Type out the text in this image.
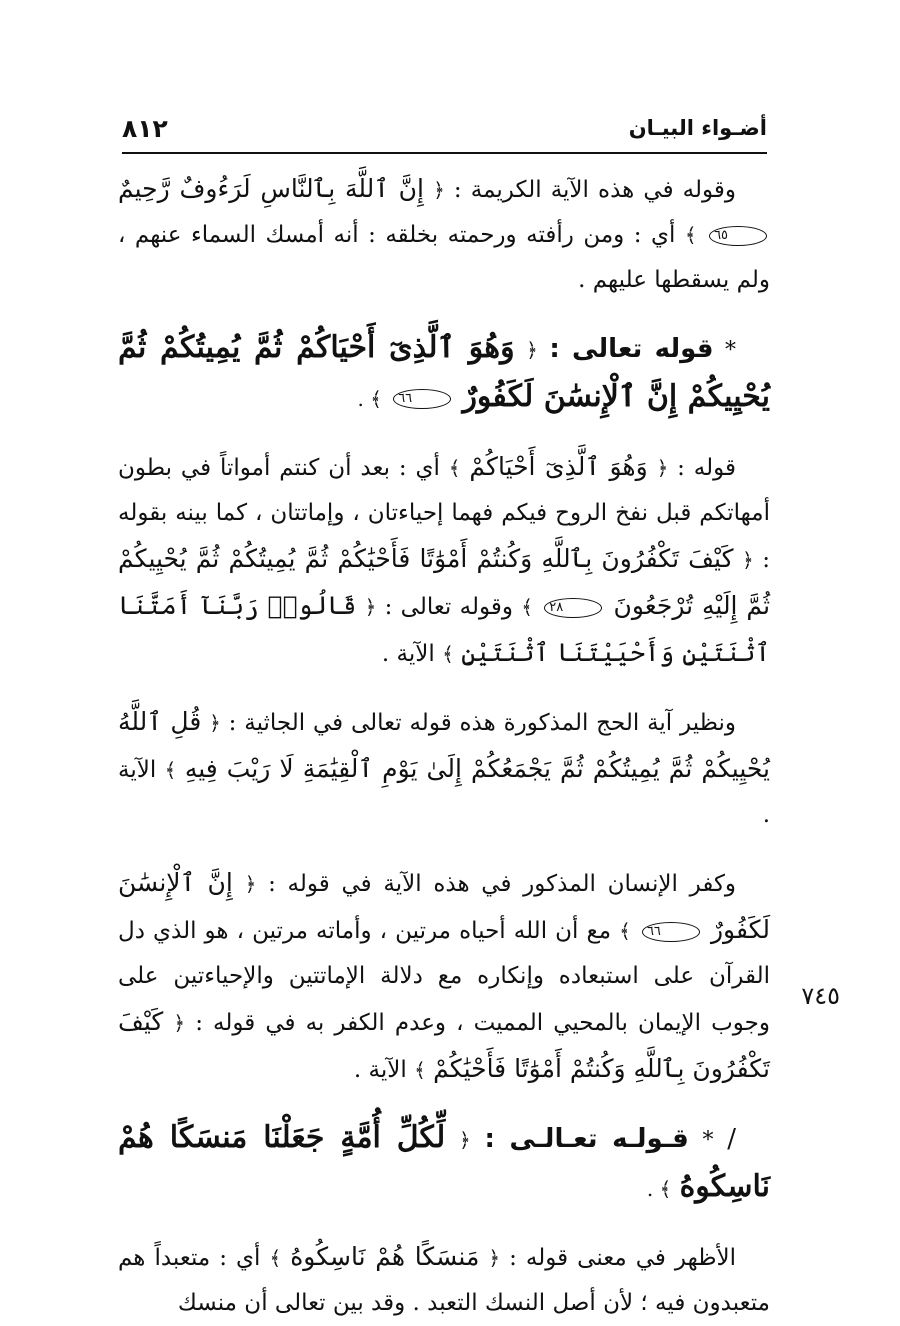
٨١٢	أضـواء البيـان
٧٤٥

وقوله في هذه الآية الكريمة : ﴿ إِنَّ ٱللَّهَ بِٱلنَّاسِ لَرَءُوفٌ رَّحِيمٌ ٦٥ ﴾ أي : ومن رأفته ورحمته بخلقه : أنه أمسك السماء عنهم ، ولم يسقطها عليهم .

* قوله تعالى : ﴿ وَهُوَ ٱلَّذِىٓ أَحْيَاكُمْ ثُمَّ يُمِيتُكُمْ ثُمَّ يُحْيِيكُمْ إِنَّ ٱلْإِنسَٰنَ لَكَفُورٌ ٦٦ ﴾ .

قوله : ﴿ وَهُوَ ٱلَّذِىٓ أَحْيَاكُمْ ﴾ أي : بعد أن كنتم أمواتاً في بطون أمهاتكم قبل نفخ الروح فيكم فهما إحياءتان ، وإماتتان ، كما بينه بقوله : ﴿ كَيْفَ تَكْفُرُونَ بِٱللَّهِ وَكُنتُمْ أَمْوَٰتًا فَأَحْيَٰكُمْ ثُمَّ يُمِيتُكُمْ ثُمَّ يُحْيِيكُمْ ثُمَّ إِلَيْهِ تُرْجَعُونَ ٢٨ ﴾ وقوله تعالى : ﴿ قَالُوا۟ رَبَّنَآ أَمَتَّنَا ٱثْنَتَيْنِ وَأَحْيَيْتَنَا ٱثْنَتَيْنِ ﴾ الآية .

ونظير آية الحج المذكورة هذه قوله تعالى في الجاثية : ﴿ قُلِ ٱللَّهُ يُحْيِيكُمْ ثُمَّ يُمِيتُكُمْ ثُمَّ يَجْمَعُكُمْ إِلَىٰ يَوْمِ ٱلْقِيَٰمَةِ لَا رَيْبَ فِيهِ ﴾ الآية .

وكفر الإنسان المذكور في هذه الآية في قوله : ﴿ إِنَّ ٱلْإِنسَٰنَ لَكَفُورٌ ٦٦ ﴾ مع أن الله أحياه مرتين ، وأماته مرتين ، هو الذي دل القرآن على استبعاده وإنكاره مع دلالة الإماتتين والإحياءتين على وجوب الإيمان بالمحيي المميت ، وعدم الكفر به في قوله : ﴿ كَيْفَ تَكْفُرُونَ بِٱللَّهِ وَكُنتُمْ أَمْوَٰتًا فَأَحْيَٰكُمْ ﴾ الآية .

/ * قـولـه تعـالـى : ﴿ لِّكُلِّ أُمَّةٍ جَعَلْنَا مَنسَكًا هُمْ نَاسِكُوهُ ﴾ .

الأظهر في معنى قوله : ﴿ مَنسَكًا هُمْ نَاسِكُوهُ ﴾ أي : متعبداً هم متعبدون فيه ؛ لأن أصل النسك التعبد . وقد بين تعالى أن منسك
